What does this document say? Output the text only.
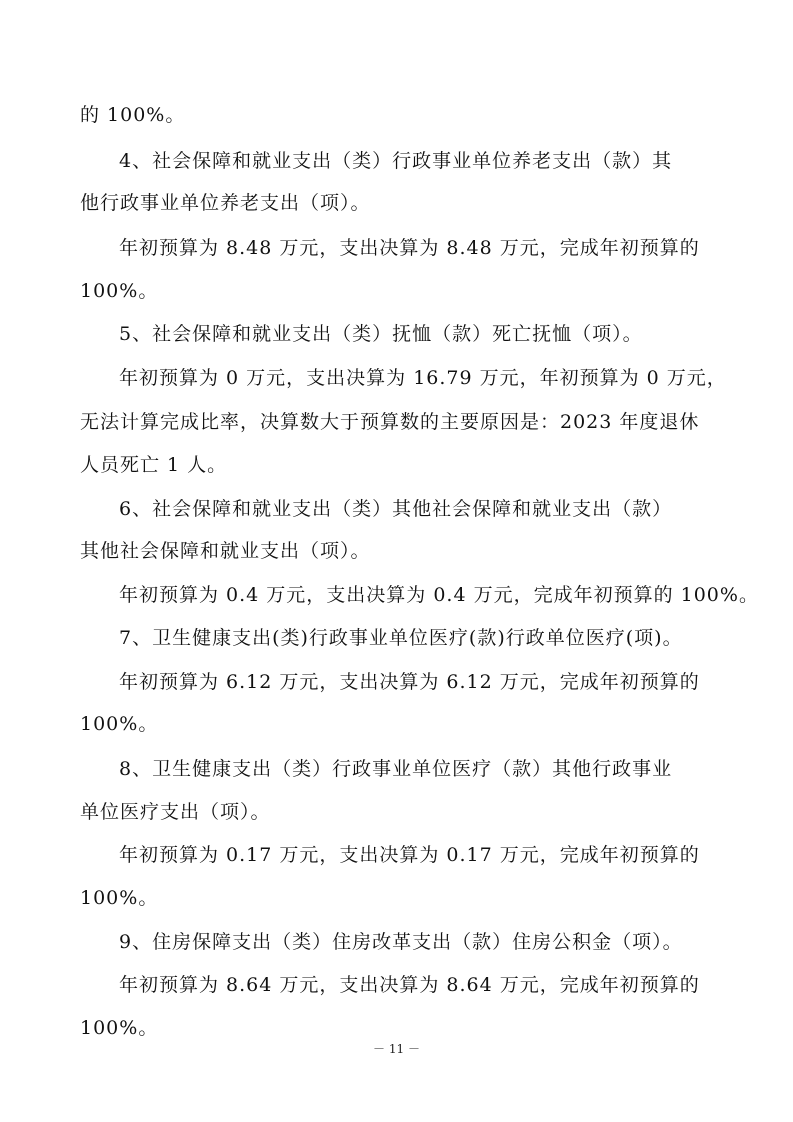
的 100%。
4、社会保障和就业支出（类）行政事业单位养老支出（款）其
他行政事业单位养老支出（项）。
年初预算为 8.48 万元，支出决算为 8.48 万元，完成年初预算的
100%。
5、社会保障和就业支出（类）抚恤（款）死亡抚恤（项）。
年初预算为 0 万元，支出决算为 16.79 万元，年初预算为 0 万元，
无法计算完成比率，决算数大于预算数的主要原因是：2023 年度退休
人员死亡 1 人。
6、社会保障和就业支出（类）其他社会保障和就业支出（款）
其他社会保障和就业支出（项）。
年初预算为 0.4 万元，支出决算为 0.4 万元，完成年初预算的 100%。
7、卫生健康支出(类)行政事业单位医疗(款)行政单位医疗(项)。
年初预算为 6.12 万元，支出决算为 6.12 万元，完成年初预算的
100%。
8、卫生健康支出（类）行政事业单位医疗（款）其他行政事业
单位医疗支出（项）。
年初预算为 0.17 万元，支出决算为 0.17 万元，完成年初预算的
100%。
9、住房保障支出（类）住房改革支出（款）住房公积金（项）。
年初预算为 8.64 万元，支出决算为 8.64 万元，完成年初预算的
100%。
－ 11 －
